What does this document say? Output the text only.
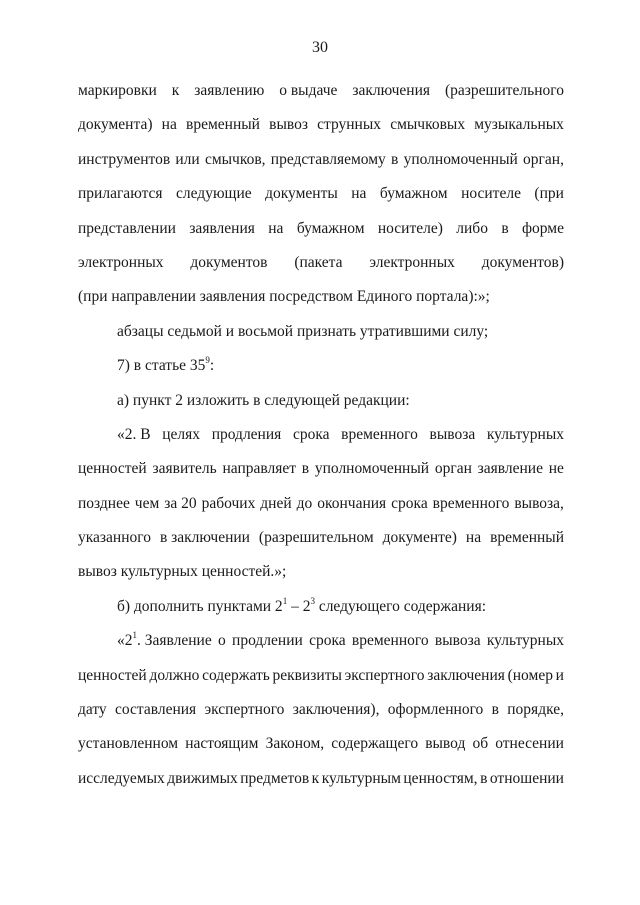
30
маркировки к заявлению о выдаче заключения (разрешительного
документа) на временный вывоз струнных смычковых музыкальных
инструментов или смычков, представляемому в уполномоченный орган,
прилагаются следующие документы на бумажном носителе (при
представлении заявления на бумажном носителе) либо в форме
электронных документов (пакета электронных документов)
(при направлении заявления посредством Единого портала):»;
абзацы седьмой и восьмой признать утратившими силу;
7) в статье $35^9$:
а) пункт 2 изложить в следующей редакции:
«2. В целях продления срока временного вывоза культурных
ценностей заявитель направляет в уполномоченный орган заявление не
позднее чем за 20 рабочих дней до окончания срока временного вывоза,
указанного в заключении (разрешительном документе) на временный
вывоз культурных ценностей.»;
б) дополнить пунктами $2^1 - 2^3$ следующего содержания:
«$2^1$. Заявление о продлении срока временного вывоза культурных
ценностей должно содержать реквизиты экспертного заключения (номер и
дату составления экспертного заключения), оформленного в порядке,
установленном настоящим Законом, содержащего вывод об отнесении
исследуемых движимых предметов к культурным ценностям, в отношении
